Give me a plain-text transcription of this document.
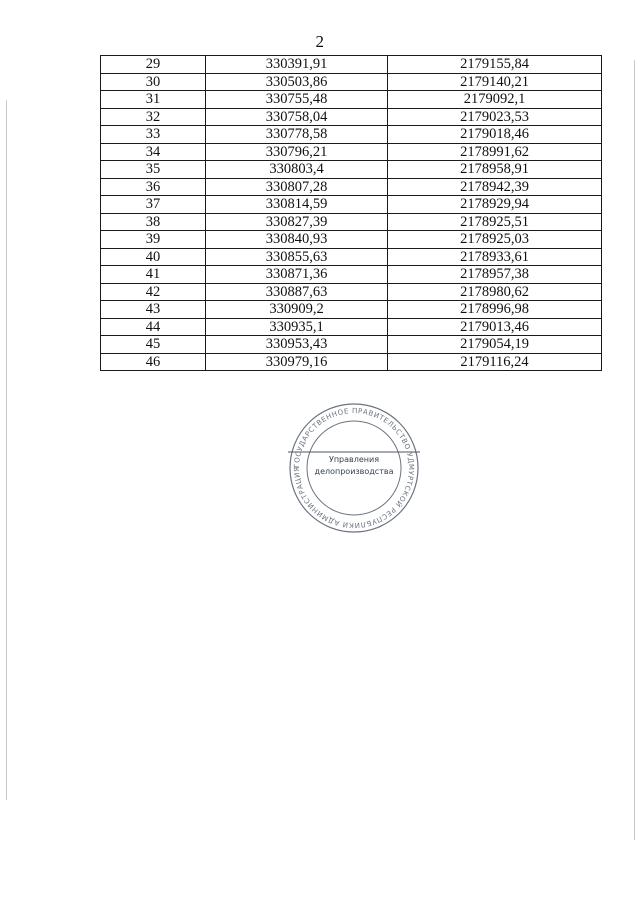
2
29	330391,91	2179155,84
30	330503,86	2179140,21
31	330755,48	2179092,1
32	330758,04	2179023,53
33	330778,58	2179018,46
34	330796,21	2178991,62
35	330803,4	2178958,91
36	330807,28	2178942,39
37	330814,59	2178929,94
38	330827,39	2178925,51
39	330840,93	2178925,03
40	330855,63	2178933,61
41	330871,36	2178957,38
42	330887,63	2178980,62
43	330909,2	2178996,98
44	330935,1	2179013,46
45	330953,43	2179054,19
46	330979,16	2179116,24
ГОСУДАРСТВЕННОЕ ПРАВИТЕЛЬСТВО УДМУРТСКОЙ РЕСПУБЛИКИ АДМИНИСТРАЦИЯ
Управления
делопроизводства
